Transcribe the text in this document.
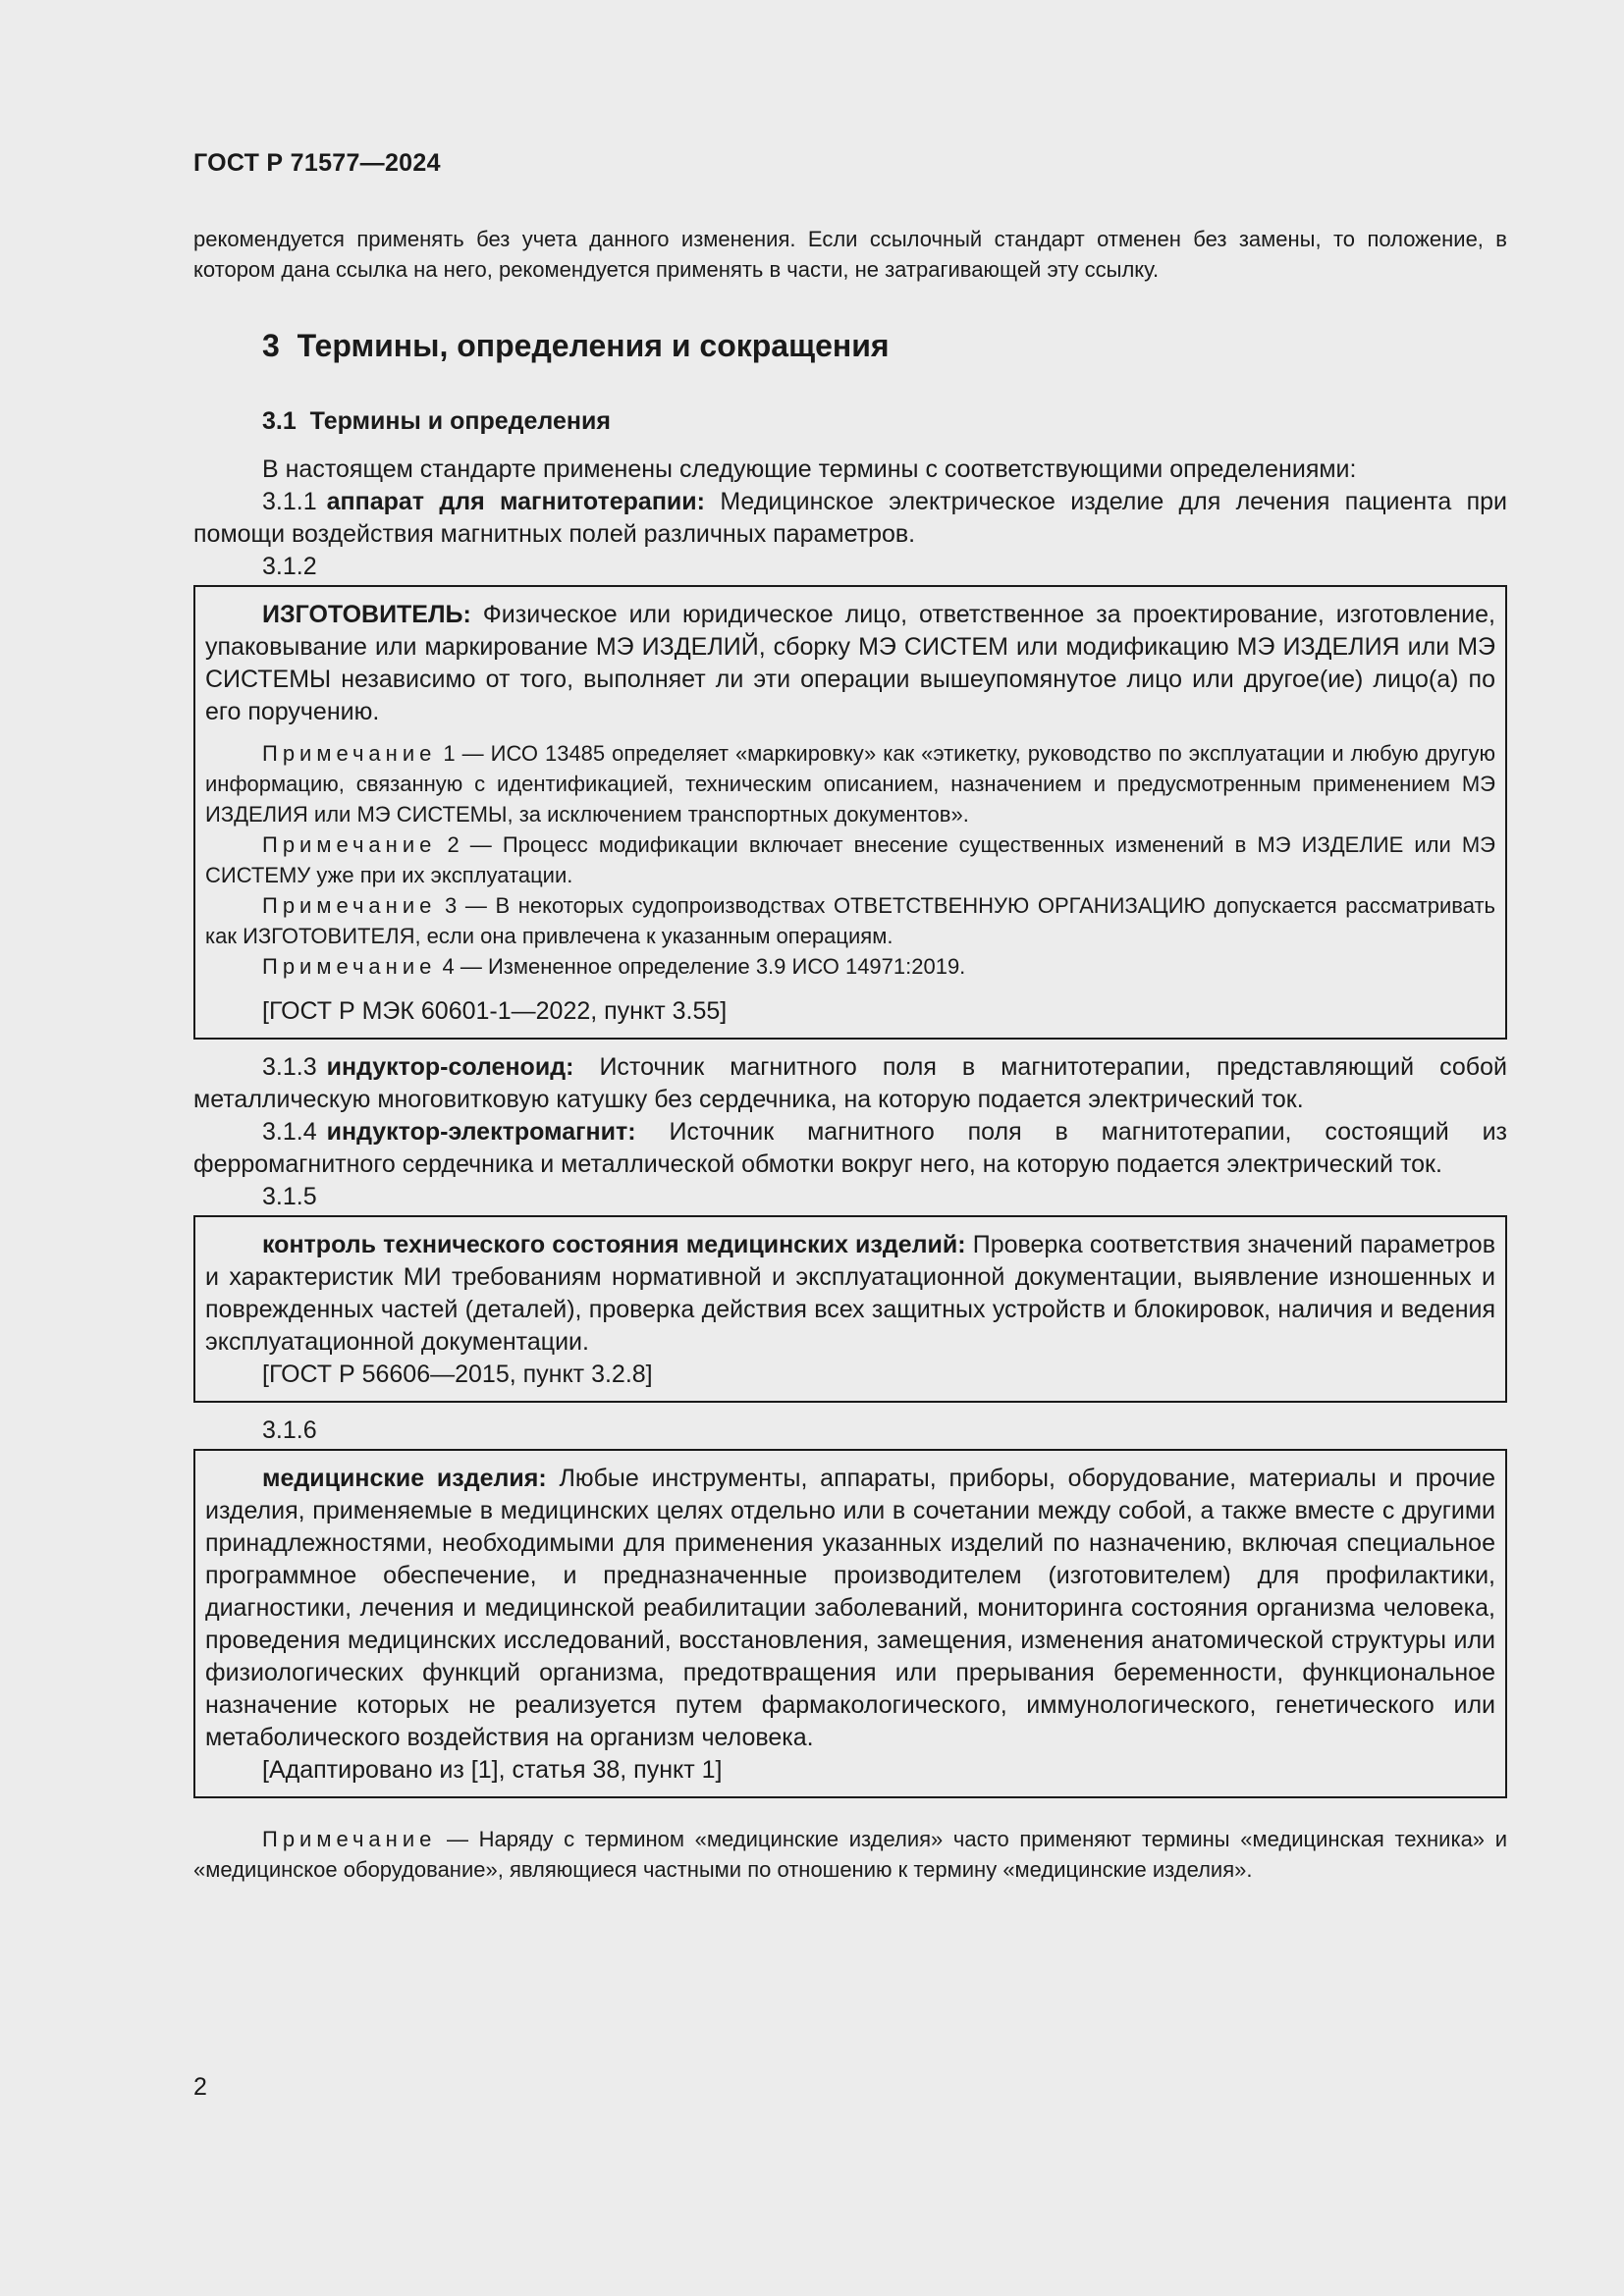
ГОСТ Р 71577—2024

рекомендуется применять без учета данного изменения. Если ссылочный стандарт отменен без замены, то положение, в котором дана ссылка на него, рекомендуется применять в части, не затрагивающей эту ссылку.

3 Термины, определения и сокращения
3.1 Термины и определения

В настоящем стандарте применены следующие термины с соответствующими определениями:

3.1.1 аппарат для магнитотерапии: Медицинское электрическое изделие для лечения пациента при помощи воздействия магнитных полей различных параметров.

3.1.2

ИЗГОТОВИТЕЛЬ: Физическое или юридическое лицо, ответственное за проектирование, изготовление, упаковывание или маркирование МЭ ИЗДЕЛИЙ, сборку МЭ СИСТЕМ или модификацию МЭ ИЗДЕЛИЯ или МЭ СИСТЕМЫ независимо от того, выполняет ли эти операции вышеупомянутое лицо или другое(ие) лицо(а) по его поручению.

Примечание 1 — ИСО 13485 определяет «маркировку» как «этикетку, руководство по эксплуатации и любую другую информацию, связанную с идентификацией, техническим описанием, назначением и предусмотренным применением МЭ ИЗДЕЛИЯ или МЭ СИСТЕМЫ, за исключением транспортных документов».

Примечание 2 — Процесс модификации включает внесение существенных изменений в МЭ ИЗДЕЛИЕ или МЭ СИСТЕМУ уже при их эксплуатации.

Примечание 3 — В некоторых судопроизводствах ОТВЕТСТВЕННУЮ ОРГАНИЗАЦИЮ допускается рассматривать как ИЗГОТОВИТЕЛЯ, если она привлечена к указанным операциям.

Примечание 4 — Измененное определение 3.9 ИСО 14971:2019.

[ГОСТ Р МЭК 60601-1—2022, пункт 3.55]

3.1.3 индуктор-соленоид: Источник магнитного поля в магнитотерапии, представляющий собой металлическую многовитковую катушку без сердечника, на которую подается электрический ток.

3.1.4 индуктор-электромагнит: Источник магнитного поля в магнитотерапии, состоящий из ферромагнитного сердечника и металлической обмотки вокруг него, на которую подается электрический ток.

3.1.5

контроль технического состояния медицинских изделий: Проверка соответствия значений параметров и характеристик МИ требованиям нормативной и эксплуатационной документации, выявление изношенных и поврежденных частей (деталей), проверка действия всех защитных устройств и блокировок, наличия и ведения эксплуатационной документации.

[ГОСТ Р 56606—2015, пункт 3.2.8]

3.1.6

медицинские изделия: Любые инструменты, аппараты, приборы, оборудование, материалы и прочие изделия, применяемые в медицинских целях отдельно или в сочетании между собой, а также вместе с другими принадлежностями, необходимыми для применения указанных изделий по назначению, включая специальное программное обеспечение, и предназначенные производителем (изготовителем) для профилактики, диагностики, лечения и медицинской реабилитации заболеваний, мониторинга состояния организма человека, проведения медицинских исследований, восстановления, замещения, изменения анатомической структуры или физиологических функций организма, предотвращения или прерывания беременности, функциональное назначение которых не реализуется путем фармакологического, иммунологического, генетического или метаболического воздействия на организм человека.

[Адаптировано из [1], статья 38, пункт 1]

Примечание — Наряду с термином «медицинские изделия» часто применяют термины «медицинская техника» и «медицинское оборудование», являющиеся частными по отношению к термину «медицинские изделия».

2
